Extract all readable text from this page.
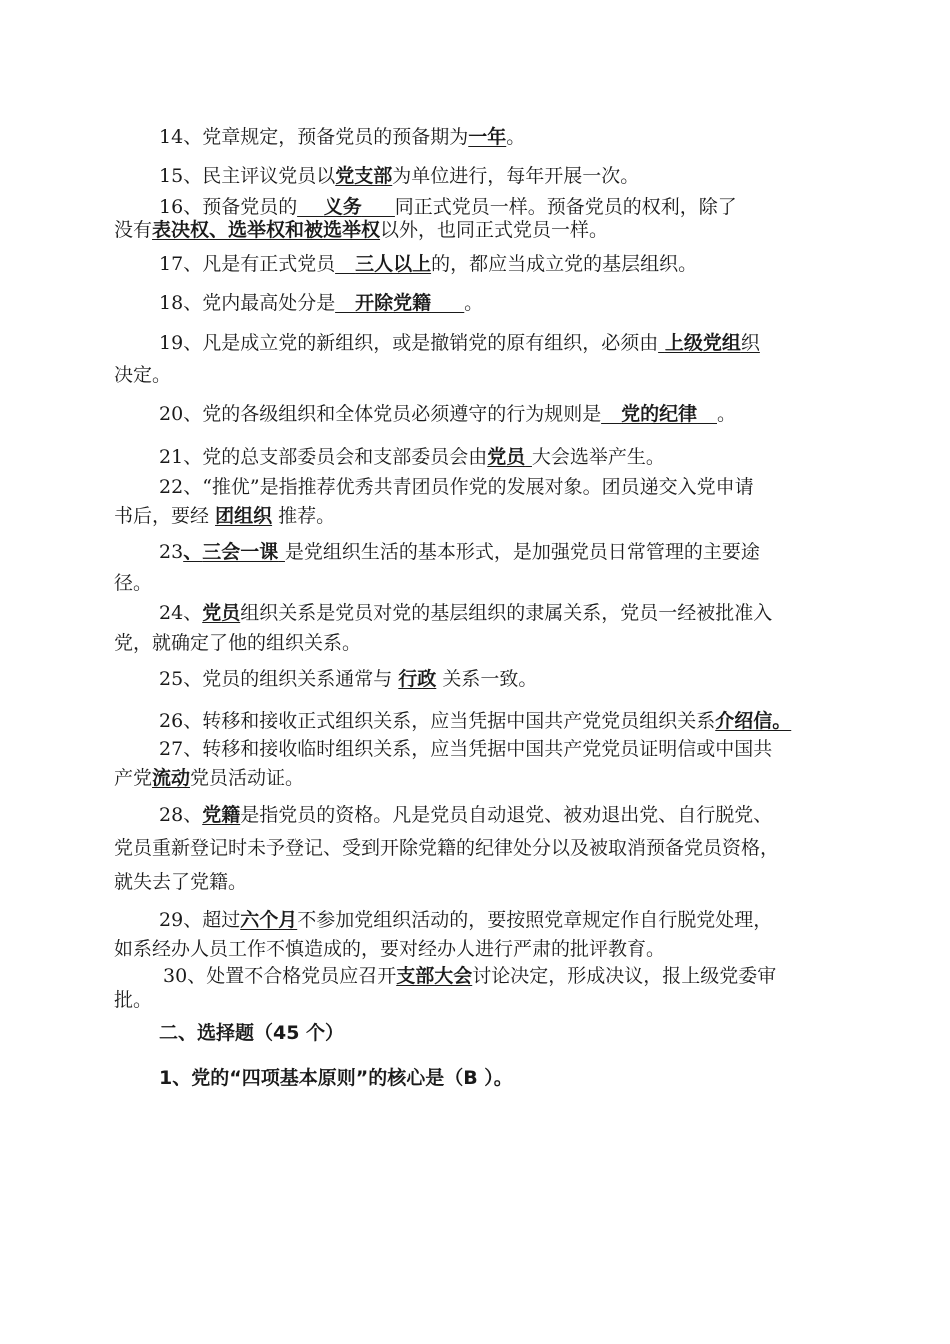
14、党章规定，预备党员的预备期为一年。
15、民主评议党员以党支部为单位进行，每年开展一次。
16、预备党员的 义务 同正式党员一样。预备党员的权利，除了
没有表决权、选举权和被选举权以外，也同正式党员一样。
17、凡是有正式党员 三人以上的，都应当成立党的基层组织。
18、党内最高处分是 开除党籍 。
19、凡是成立党的新组织，或是撤销党的原有组织，必须由 上级党组织
决定。
20、党的各级组织和全体党员必须遵守的行为规则是 党的纪律 。
21、党的总支部委员会和支部委员会由党员 大会选举产生。
22、“推优”是指推荐优秀共青团员作党的发展对象。团员递交入党申请
书后，要经 团组织 推荐。
23、三会一课 是党组织生活的基本形式，是加强党员日常管理的主要途
径。
24、党员组织关系是党员对党的基层组织的隶属关系，党员一经被批准入
党，就确定了他的组织关系。
25、党员的组织关系通常与 行政 关系一致。
26、转移和接收正式组织关系，应当凭据中国共产党党员组织关系介绍信。
27、转移和接收临时组织关系，应当凭据中国共产党党员证明信或中国共
产党流动党员活动证。
28、党籍是指党员的资格。凡是党员自动退党、被劝退出党、自行脱党、
党员重新登记时未予登记、受到开除党籍的纪律处分以及被取消预备党员资格，
就失去了党籍。
29、超过六个月不参加党组织活动的，要按照党章规定作自行脱党处理，
如系经办人员工作不慎造成的，要对经办人进行严肃的批评教育。
30、处置不合格党员应召开支部大会讨论决定，形成决议，报上级党委审
批。
二、选择题（45 个）
1、党的“四项基本原则”的核心是（B ）。
